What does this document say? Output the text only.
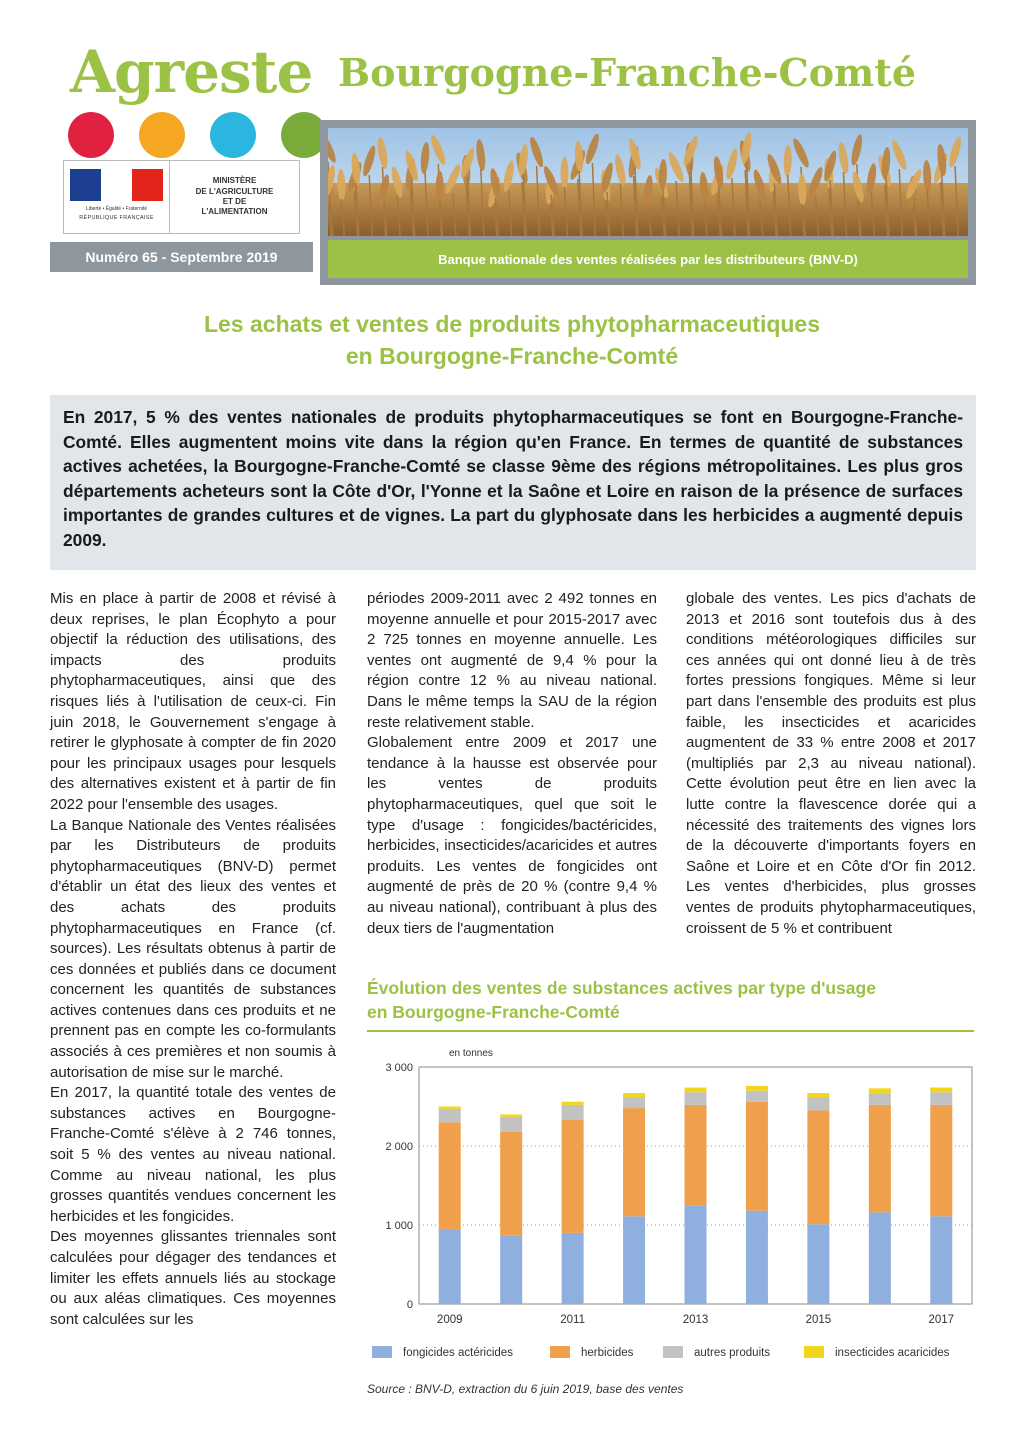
Agreste Bourgogne-Franche-Comté
Liberté • Égalité • Fraternité
RÉPUBLIQUE FRANÇAISE
MINISTÈRE
DE L'AGRICULTURE
ET DE
L'ALIMENTATION
Numéro 65 - Septembre 2019	Banque nationale des ventes réalisées par les distributeurs (BNV-D)
Les achats et ventes de produits phytopharmaceutiques
en Bourgogne-Franche-Comté
En 2017, 5 % des ventes nationales de produits phytopharmaceutiques se font en Bourgogne-Franche-Comté. Elles augmentent moins vite dans la région qu'en France. En termes de quantité de substances actives achetées, la Bourgogne-Franche-Comté se classe 9ème des régions métropolitaines. Les plus gros départements acheteurs sont la Côte d'Or, l'Yonne et la Saône et Loire en raison de la présence de surfaces importantes de grandes cultures et de vignes. La part du glyphosate dans les herbicides a augmenté depuis 2009.

Mis en place à partir de 2008 et révisé à deux reprises, le plan Écophyto a pour objectif la réduction des utilisations, des impacts des produits phytopharmaceutiques, ainsi que des risques liés à l'utilisation de ceux-ci. Fin juin 2018, le Gouvernement s'engage à retirer le glyphosate à compter de fin 2020 pour les principaux usages pour lesquels des alternatives existent et à partir de fin 2022 pour l'ensemble des usages.

La Banque Nationale des Ventes réalisées par les Distributeurs de produits phytopharmaceutiques (BNV-D) permet d'établir un état des lieux des ventes et des achats des produits phytopharmaceutiques en France (cf. sources). Les résultats obtenus à partir de ces données et publiés dans ce document concernent les quantités de substances actives contenues dans ces produits et ne prennent pas en compte les co-formulants associés à ces premières et non soumis à autorisation de mise sur le marché.

En 2017, la quantité totale des ventes de substances actives en Bourgogne-Franche-Comté s'élève à 2 746 tonnes, soit 5 % des ventes au niveau national. Comme au niveau national, les plus grosses quantités vendues concernent les herbicides et les fongicides.

Des moyennes glissantes triennales sont calculées pour dégager des tendances et limiter les effets annuels liés au stockage ou aux aléas climatiques. Ces moyennes sont calculées sur les

périodes 2009-2011 avec 2 492 tonnes en moyenne annuelle et pour 2015-2017 avec 2 725 tonnes en moyenne annuelle. Les ventes ont augmenté de 9,4 % pour la région contre 12 % au niveau national. Dans le même temps la SAU de la région reste relativement stable.

Globalement entre 2009 et 2017 une tendance à la hausse est observée pour les ventes de produits phytopharmaceutiques, quel que soit le type d'usage : fongicides/bactéricides, herbicides, insecticides/acaricides et autres produits. Les ventes de fongicides ont augmenté de près de 20 % (contre 9,4 % au niveau national), contribuant à plus des deux tiers de l'augmentation

globale des ventes. Les pics d'achats de 2013 et 2016 sont toutefois dus à des conditions météorologiques difficiles sur ces années qui ont donné lieu à de très fortes pressions fongiques. Même si leur part dans l'ensemble des produits est plus faible, les insecticides et acaricides augmentent de 33 % entre 2008 et 2017 (multipliés par 2,3 au niveau national). Cette évolution peut être en lien avec la lutte contre la flavescence dorée qui a nécessité des traitements des vignes lors de la découverte d'importants foyers en Saône et Loire et en Côte d'Or fin 2012. Les ventes d'herbicides, plus grosses ventes de produits phytopharmaceutiques, croissent de 5 % et contribuent

Évolution des ventes de substances actives par type d'usage
en Bourgogne-Franche-Comté
en tonnes
0
1 000
2 000
3 000
2009	2011	2013	2015	2017
fongicides actéricides	herbicides	autres produits	insecticides acaricides
Source : BNV-D, extraction du 6 juin 2019, base des ventes
